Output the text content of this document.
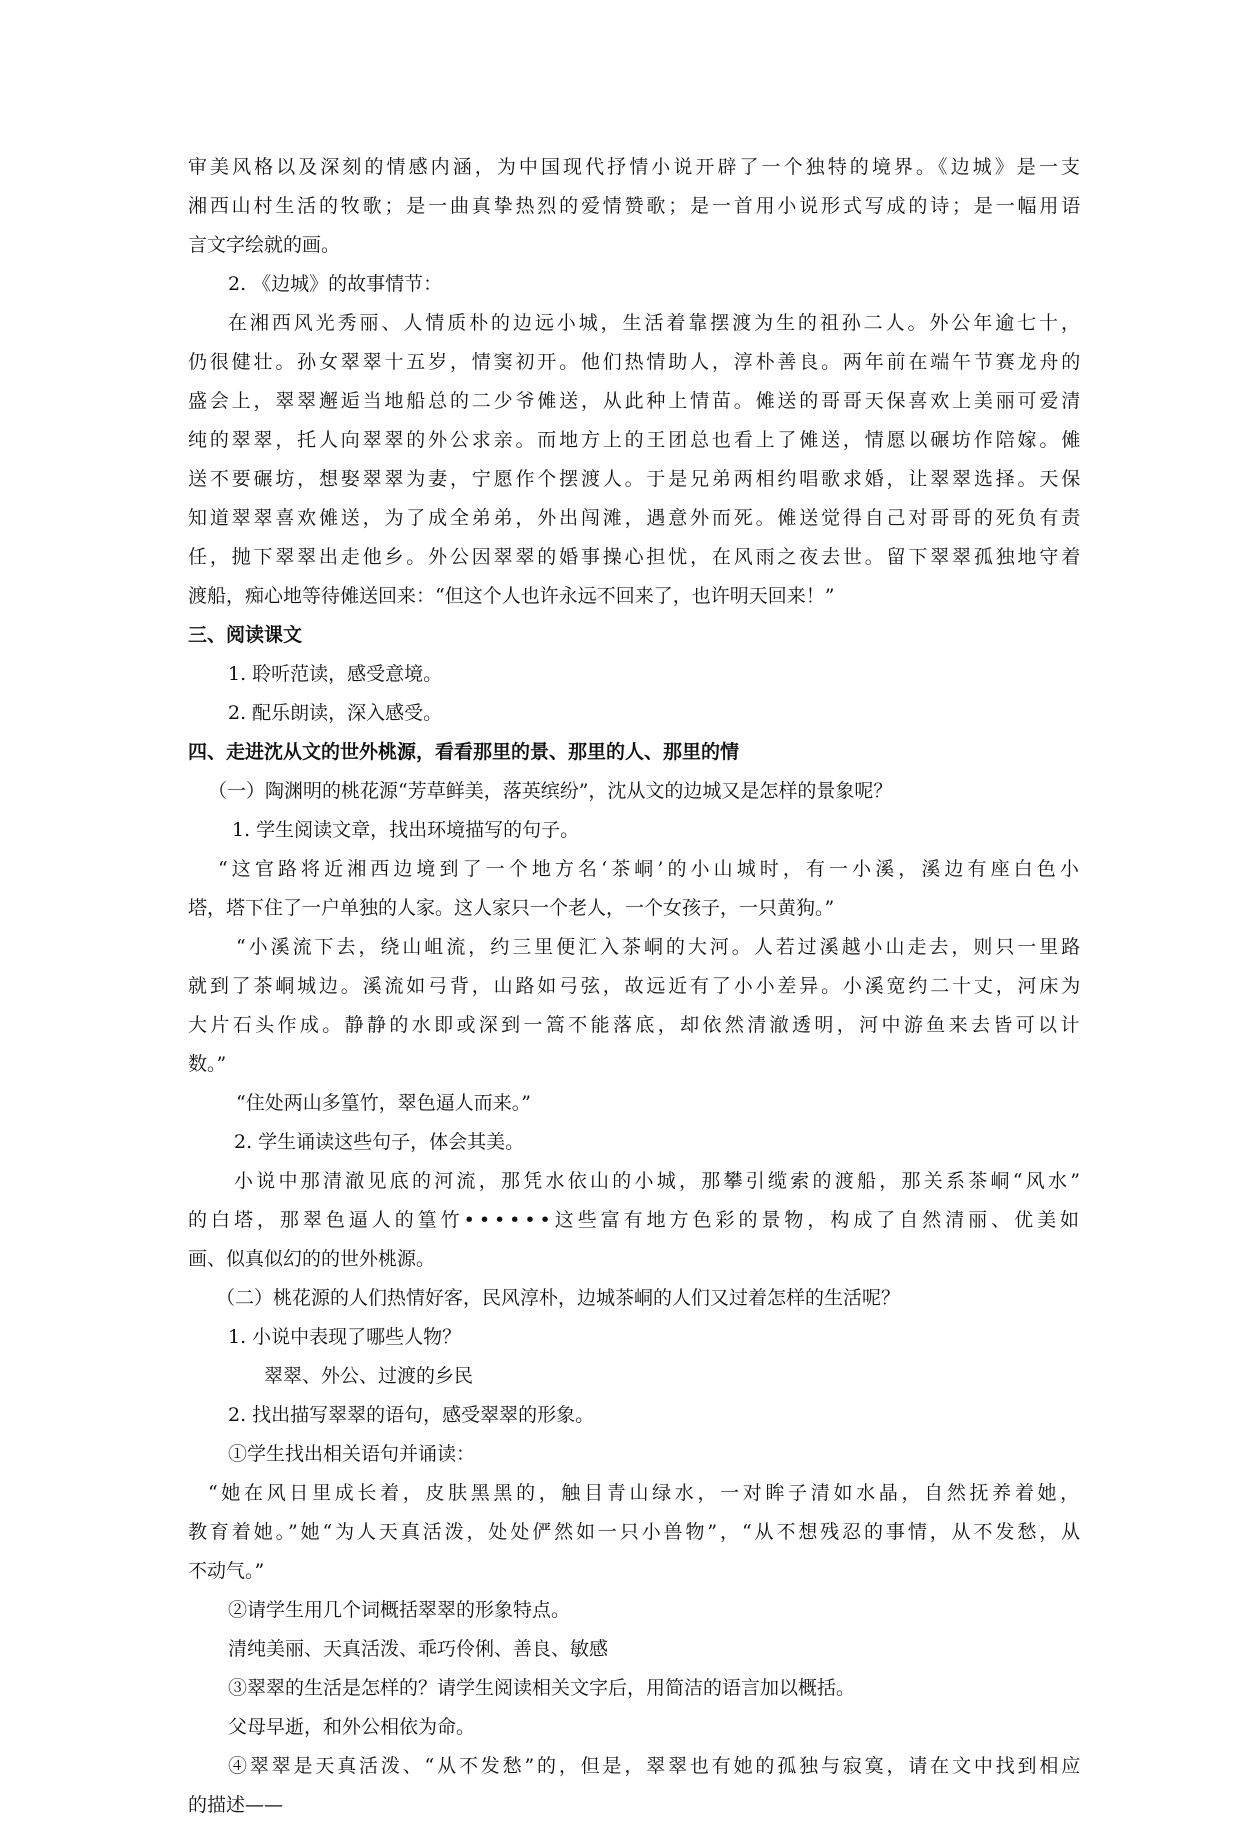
审美风格以及深刻的情感内涵，为中国现代抒情小说开辟了一个独特的境界。《边城》是一支
湘西山村生活的牧歌；是一曲真挚热烈的爱情赞歌；是一首用小说形式写成的诗；是一幅用语
言文字绘就的画。
2. 《边城》的故事情节：
在湘西风光秀丽、人情质朴的边远小城，生活着靠摆渡为生的祖孙二人。外公年逾七十，
仍很健壮。孙女翠翠十五岁，情窦初开。他们热情助人，淳朴善良。两年前在端午节赛龙舟的
盛会上，翠翠邂逅当地船总的二少爷傩送，从此种上情苗。傩送的哥哥天保喜欢上美丽可爱清
纯的翠翠，托人向翠翠的外公求亲。而地方上的王团总也看上了傩送，情愿以碾坊作陪嫁。傩
送不要碾坊，想娶翠翠为妻，宁愿作个摆渡人。于是兄弟两相约唱歌求婚，让翠翠选择。天保
知道翠翠喜欢傩送，为了成全弟弟，外出闯滩，遇意外而死。傩送觉得自己对哥哥的死负有责
任，抛下翠翠出走他乡。外公因翠翠的婚事操心担忧，在风雨之夜去世。留下翠翠孤独地守着
渡船，痴心地等待傩送回来：“但这个人也许永远不回来了，也许明天回来！”
三、阅读课文
1. 聆听范读，感受意境。
2. 配乐朗读，深入感受。
四、走进沈从文的世外桃源，看看那里的景、那里的人、那里的情
（一）陶渊明的桃花源“芳草鲜美，落英缤纷”，沈从文的边城又是怎样的景象呢？
1. 学生阅读文章，找出环境描写的句子。
“这官路将近湘西边境到了一个地方名‘茶峒’的小山城时，有一小溪，溪边有座白色小
塔，塔下住了一户单独的人家。这人家只一个老人，一个女孩子，一只黄狗。”
“小溪流下去，绕山岨流，约三里便汇入茶峒的大河。人若过溪越小山走去，则只一里路
就到了茶峒城边。溪流如弓背，山路如弓弦，故远近有了小小差异。小溪宽约二十丈，河床为
大片石头作成。静静的水即或深到一篙不能落底，却依然清澈透明，河中游鱼来去皆可以计
数。”
“住处两山多篁竹，翠色逼人而来。”
2. 学生诵读这些句子，体会其美。
小说中那清澈见底的河流，那凭水依山的小城，那攀引缆索的渡船，那关系茶峒“风水”
的白塔，那翠色逼人的篁竹••••••这些富有地方色彩的景物，构成了自然清丽、优美如
画、似真似幻的的世外桃源。
（二）桃花源的人们热情好客，民风淳朴，边城茶峒的人们又过着怎样的生活呢？
1. 小说中表现了哪些人物？
翠翠、外公、过渡的乡民
2. 找出描写翠翠的语句，感受翠翠的形象。
①学生找出相关语句并诵读：
“她在风日里成长着，皮肤黑黑的，触目青山绿水，一对眸子清如水晶，自然抚养着她，
教育着她。”她“为人天真活泼，处处俨然如一只小兽物”，“从不想残忍的事情，从不发愁，从
不动气。”
②请学生用几个词概括翠翠的形象特点。
清纯美丽、天真活泼、乖巧伶俐、善良、敏感
③翠翠的生活是怎样的？请学生阅读相关文字后，用简洁的语言加以概括。
父母早逝，和外公相依为命。
④翠翠是天真活泼、“从不发愁”的，但是，翠翠也有她的孤独与寂寞，请在文中找到相应
的描述——
